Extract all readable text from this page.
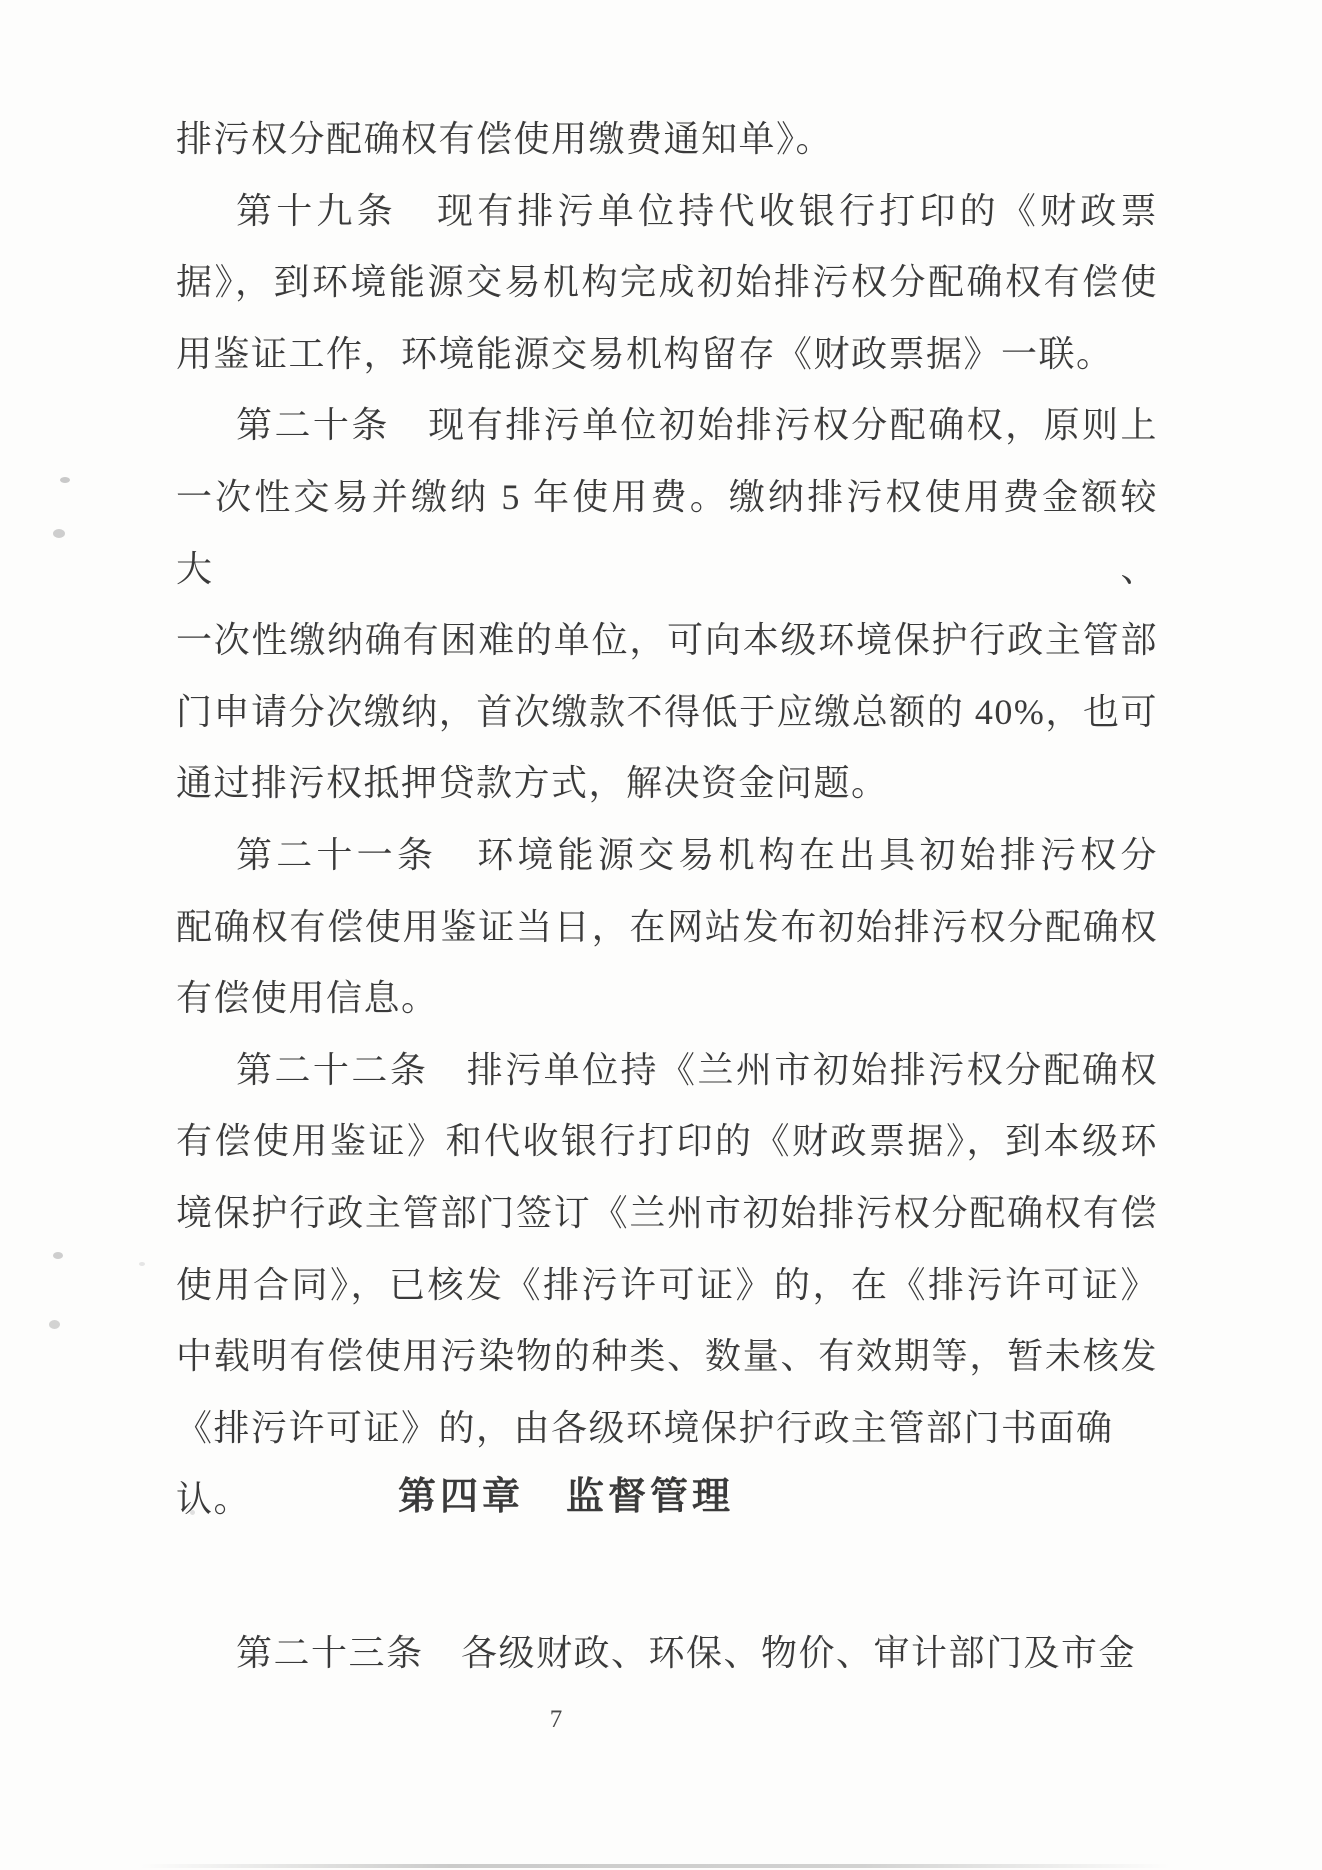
排污权分配确权有偿使用缴费通知单》。

第十九条　现有排污单位持代收银行打印的《财政票

据》，到环境能源交易机构完成初始排污权分配确权有偿使

用鉴证工作，环境能源交易机构留存《财政票据》一联。

第二十条　现有排污单位初始排污权分配确权，原则上

一次性交易并缴纳 5 年使用费。缴纳排污权使用费金额较大、

一次性缴纳确有困难的单位，可向本级环境保护行政主管部

门申请分次缴纳，首次缴款不得低于应缴总额的 40%，也可

通过排污权抵押贷款方式，解决资金问题。

第二十一条　环境能源交易机构在出具初始排污权分

配确权有偿使用鉴证当日，在网站发布初始排污权分配确权

有偿使用信息。

第二十二条　排污单位持《兰州市初始排污权分配确权

有偿使用鉴证》和代收银行打印的《财政票据》，到本级环

境保护行政主管部门签订《兰州市初始排污权分配确权有偿

使用合同》，已核发《排污许可证》的，在《排污许可证》

中载明有偿使用污染物的种类、数量、有效期等，暂未核发

《排污许可证》的，由各级环境保护行政主管部门书面确认。	第四章　监督管理

第二十三条　各级财政、环保、物价、审计部门及市金

7
